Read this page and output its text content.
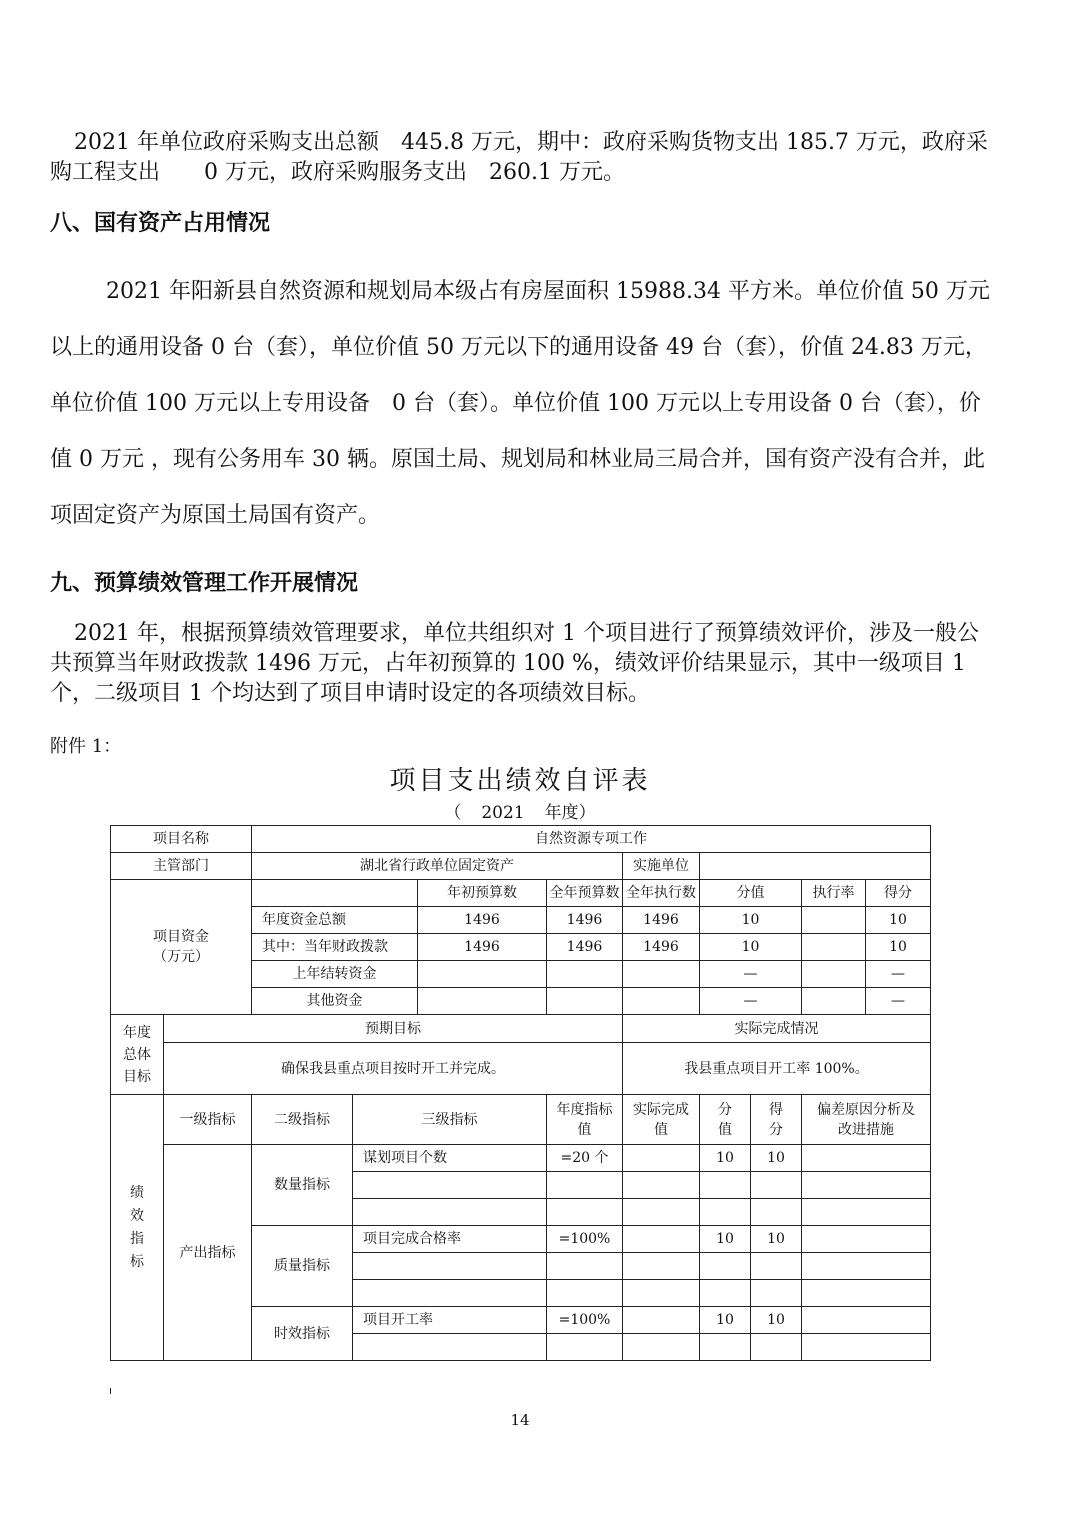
2021 年单位政府采购支出总额　445.8 万元，期中：政府采购货物支出 185.7 万元，政府采购工程支出　　0 万元，政府采购服务支出　260.1 万元。

八、国有资产占用情况

2021 年阳新县自然资源和规划局本级占有房屋面积 15988.34 平方米。单位价值 50 万元以上的通用设备 0 台（套），单位价值 50 万元以下的通用设备 49 台（套），价值 24.83 万元，单位价值 100 万元以上专用设备　0 台（套）。单位价值 100 万元以上专用设备 0 台（套），价值 0 万元 ，现有公务用车 30 辆。原国土局、规划局和林业局三局合并，国有资产没有合并，此项固定资产为原国土局国有资产。

九、预算绩效管理工作开展情况

2021 年，根据预算绩效管理要求，单位共组织对 1 个项目进行了预算绩效评价，涉及一般公共预算当年财政拨款 1496 万元，占年初预算的 100 %，绩效评价结果显示，其中一级项目 1 个，二级项目 1 个均达到了项目申请时设定的各项绩效目标。

附件 1：

项目支出绩效自评表

（ 2021 年度）

项目名称		自然资源专项工作								
主管部门		湖北省行政单位固定资产				实施单位				
项目资金（万元）				年初预算数	全年预算数	全年执行数	分值		执行率	得分
		年度资金总额		1496	1496	1496	10			10
		其中：当年财政拨款		1496	1496	1496	10			10
		上年结转资金					—			—
		其他资金					—			—
年度总体目标	预期目标					实际完成情况				
	确保我县重点项目按时开工并完成。					我县重点项目开工率 100%。				
绩效指标	一级指标	二级指标	三级指标		年度指标值	实际完成值	分值	得分	偏差原因分析及改进措施	
	产出指标	数量指标	谋划项目个数		=20 个		10	10		

		质量指标	项目完成合格率		=100%		10	10		

		时效指标	项目开工率		=100%		10	10		

14
